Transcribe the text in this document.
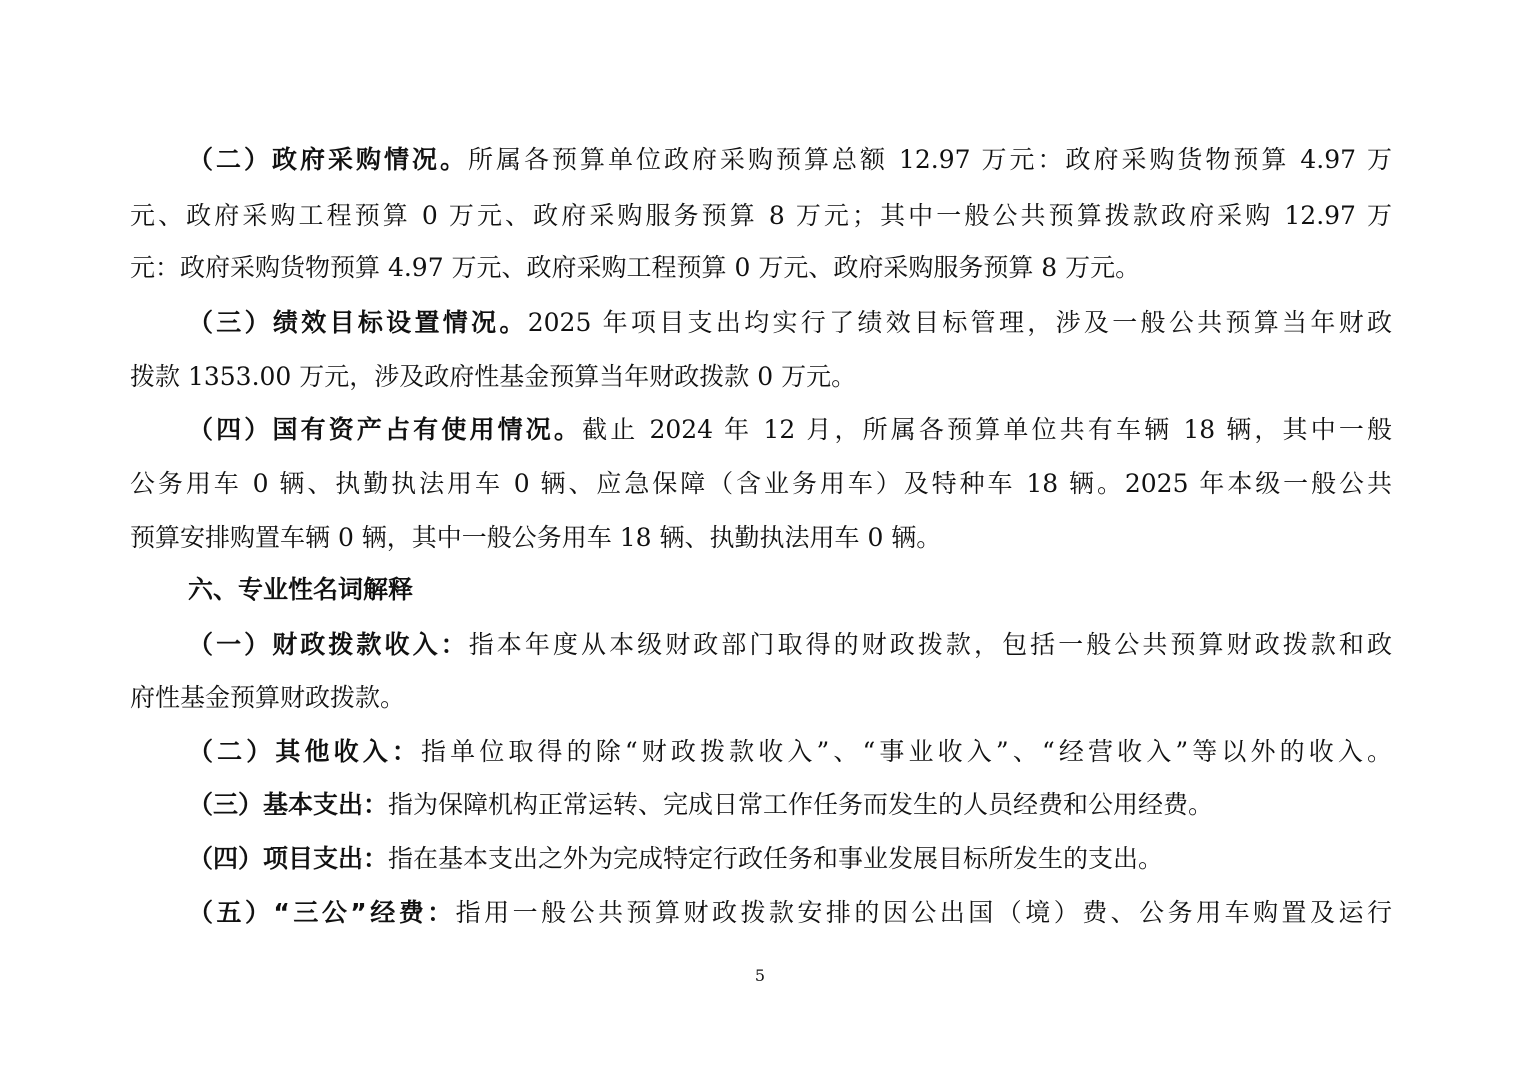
（二）政府采购情况。所属各预算单位政府采购预算总额 12.97 万元：政府采购货物预算 4.97 万
元、政府采购工程预算 0 万元、政府采购服务预算 8 万元；其中一般公共预算拨款政府采购 12.97 万
元：政府采购货物预算 4.97 万元、政府采购工程预算 0 万元、政府采购服务预算 8 万元。
（三）绩效目标设置情况。2025 年项目支出均实行了绩效目标管理，涉及一般公共预算当年财政
拨款 1353.00 万元，涉及政府性基金预算当年财政拨款 0 万元。
（四）国有资产占有使用情况。截止 2024 年 12 月，所属各预算单位共有车辆 18 辆，其中一般
公务用车 0 辆、执勤执法用车 0 辆、应急保障（含业务用车）及特种车 18 辆。2025 年本级一般公共
预算安排购置车辆 0 辆，其中一般公务用车 18 辆、执勤执法用车 0 辆。
六、专业性名词解释
（一）财政拨款收入：指本年度从本级财政部门取得的财政拨款，包括一般公共预算财政拨款和政
府性基金预算财政拨款。
（二）其他收入：指单位取得的除“财政拨款收入”、“事业收入”、“经营收入”等以外的收入。
（三）基本支出：指为保障机构正常运转、完成日常工作任务而发生的人员经费和公用经费。
（四）项目支出：指在基本支出之外为完成特定行政任务和事业发展目标所发生的支出。
（五）“三公”经费：指用一般公共预算财政拨款安排的因公出国（境）费、公务用车购置及运行
5
